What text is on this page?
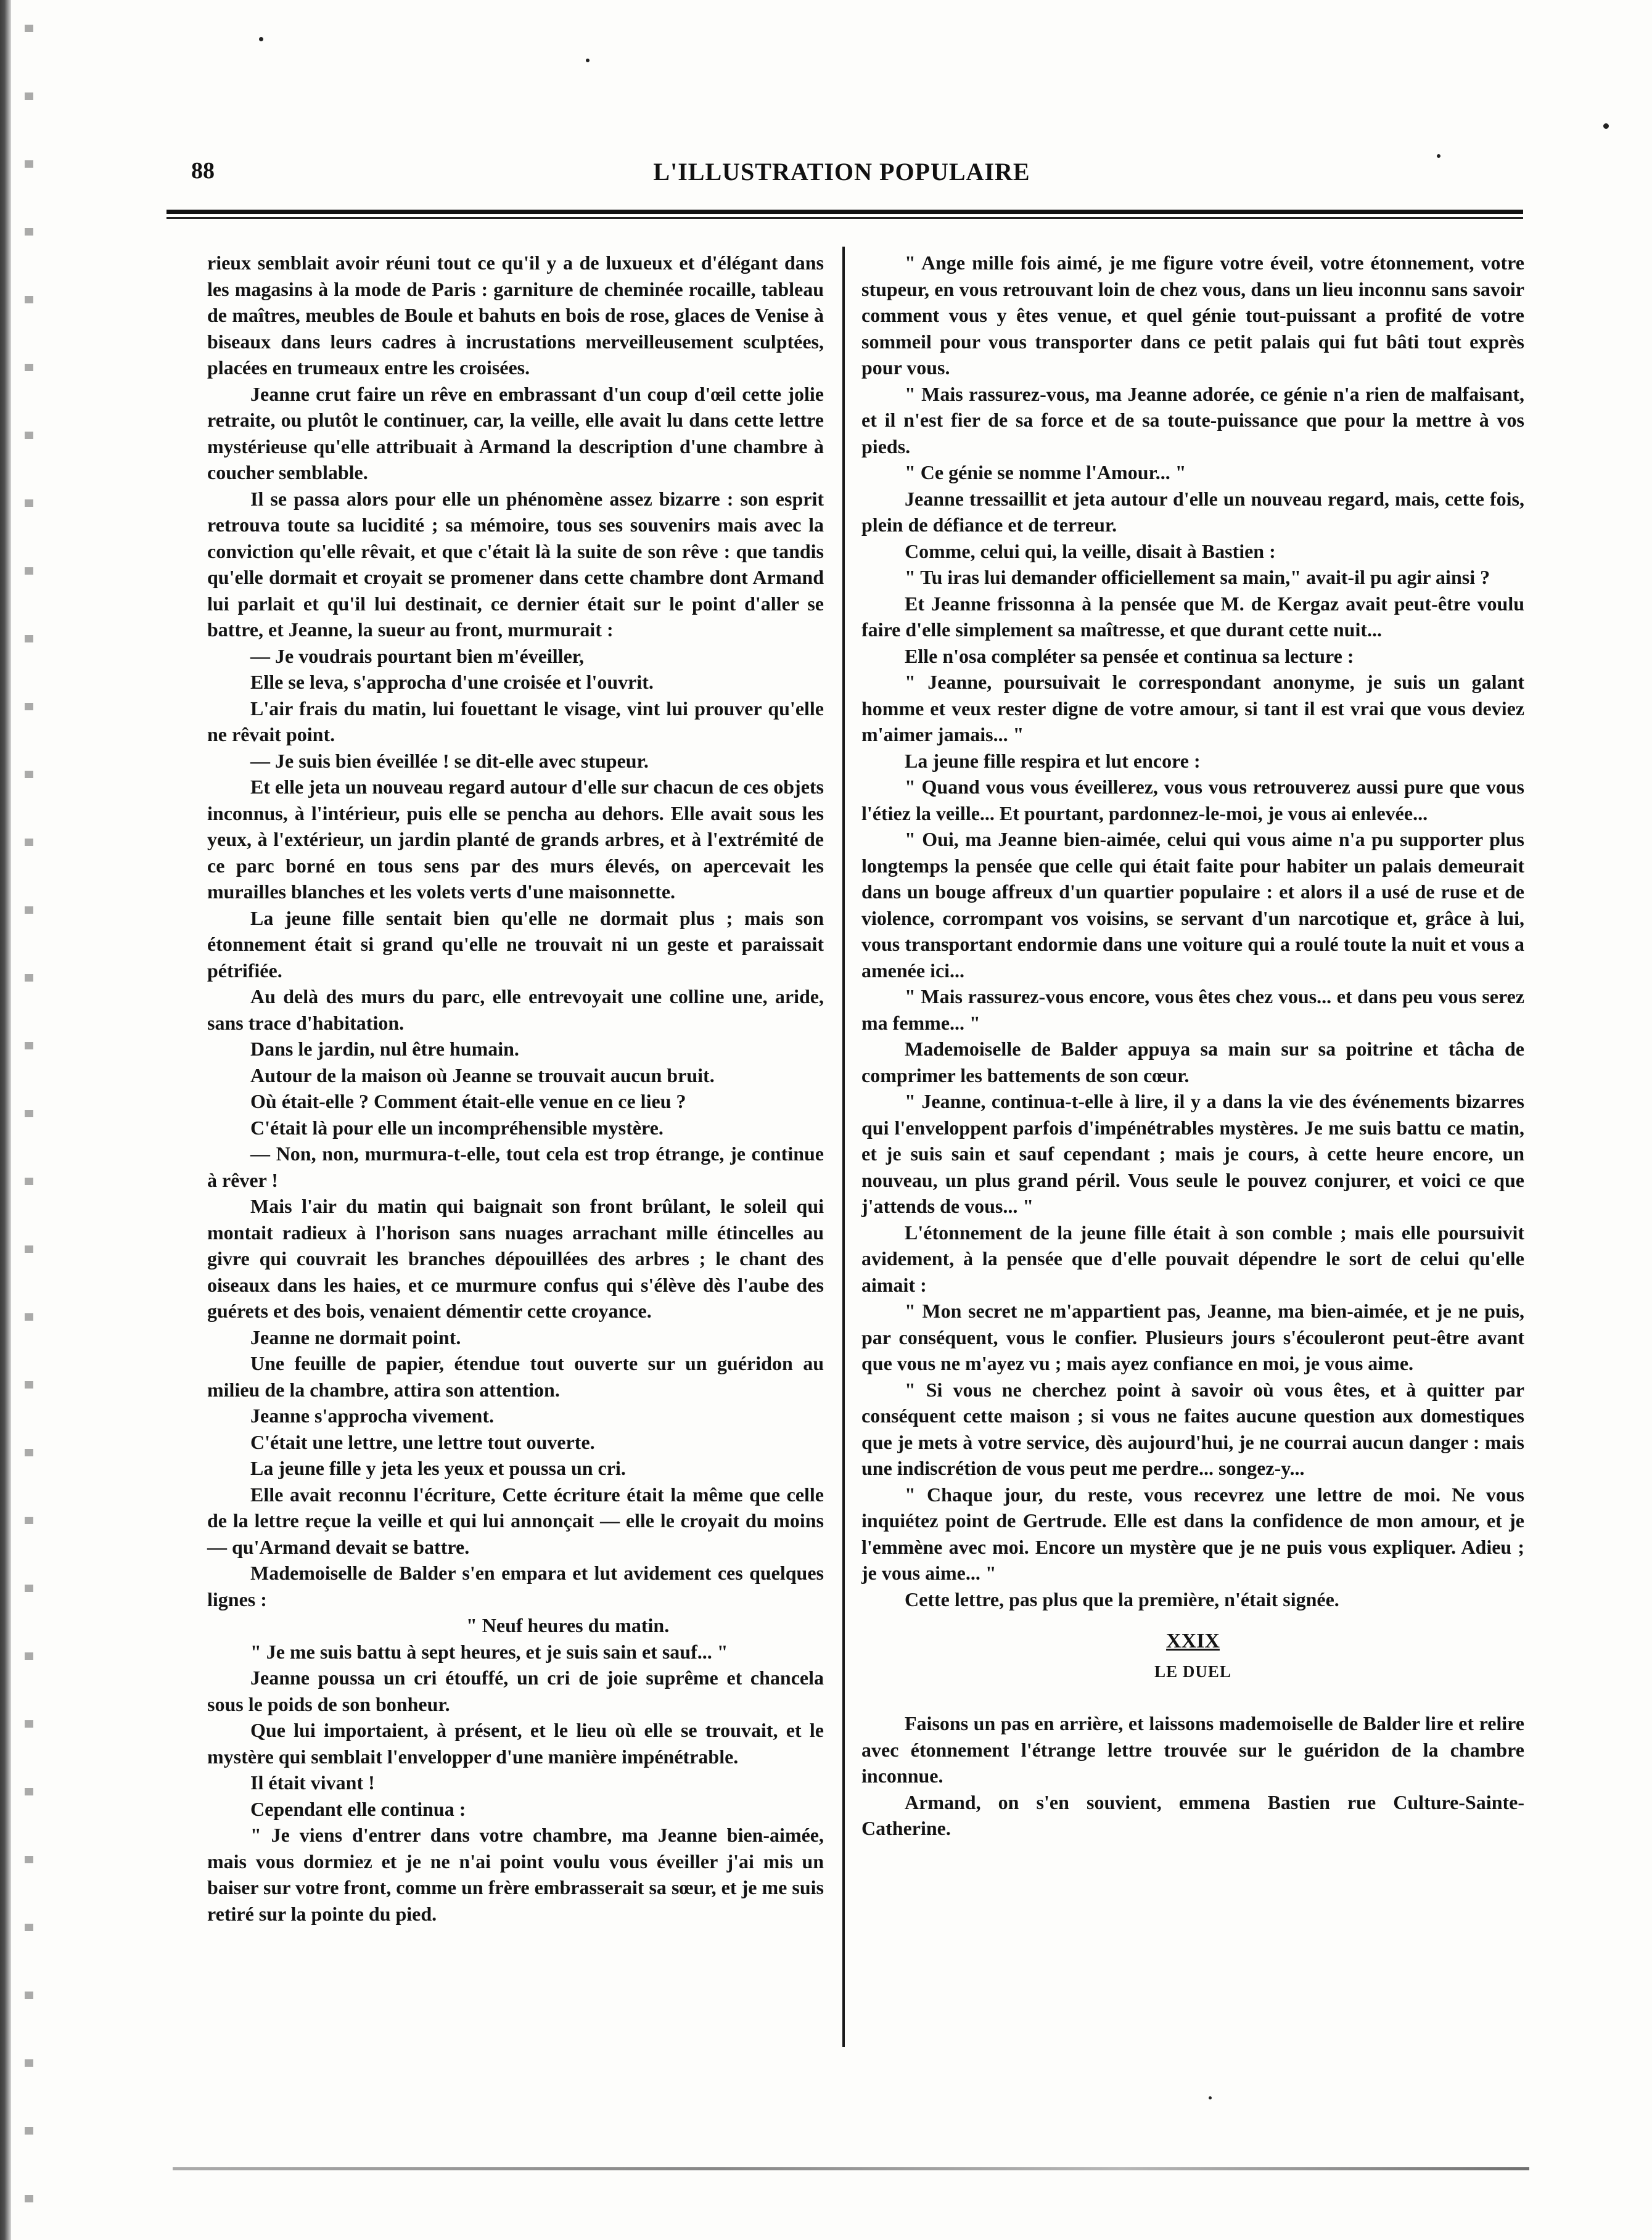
88	L'ILLUSTRATION POPULAIRE

rieux semblait avoir réuni tout ce qu'il y a de luxueux et d'élégant dans les magasins à la mode de Paris : garniture de cheminée rocaille, tableau de maîtres, meubles de Boule et bahuts en bois de rose, glaces de Venise à biseaux dans leurs cadres à incrustations merveilleusement sculptées, placées en trumeaux entre les croisées.

Jeanne crut faire un rêve en embrassant d'un coup d'œil cette jolie retraite, ou plutôt le continuer, car, la veille, elle avait lu dans cette lettre mystérieuse qu'elle attribuait à Armand la description d'une chambre à coucher semblable.

Il se passa alors pour elle un phénomène assez bizarre : son esprit retrouva toute sa lucidité ; sa mémoire, tous ses souvenirs mais avec la conviction qu'elle rêvait, et que c'était là la suite de son rêve : que tandis qu'elle dormait et croyait se promener dans cette chambre dont Armand lui parlait et qu'il lui destinait, ce dernier était sur le point d'aller se battre, et Jeanne, la sueur au front, murmurait :

— Je voudrais pourtant bien m'éveiller,

Elle se leva, s'approcha d'une croisée et l'ouvrit.

L'air frais du matin, lui fouettant le visage, vint lui prouver qu'elle ne rêvait point.

— Je suis bien éveillée ! se dit-elle avec stupeur.

Et elle jeta un nouveau regard autour d'elle sur chacun de ces objets inconnus, à l'intérieur, puis elle se pencha au dehors. Elle avait sous les yeux, à l'extérieur, un jardin planté de grands arbres, et à l'extrémité de ce parc borné en tous sens par des murs élevés, on apercevait les murailles blanches et les volets verts d'une maisonnette.

La jeune fille sentait bien qu'elle ne dormait plus ; mais son étonnement était si grand qu'elle ne trouvait ni un geste et paraissait pétrifiée.

Au delà des murs du parc, elle entrevoyait une colline une, aride, sans trace d'habitation.

Dans le jardin, nul être humain.

Autour de la maison où Jeanne se trouvait aucun bruit.

Où était-elle ? Comment était-elle venue en ce lieu ?

C'était là pour elle un incompréhensible mystère.

— Non, non, murmura-t-elle, tout cela est trop étrange, je continue à rêver !

Mais l'air du matin qui baignait son front brûlant, le soleil qui montait radieux à l'horison sans nuages arrachant mille étincelles au givre qui couvrait les branches dépouillées des arbres ; le chant des oiseaux dans les haies, et ce murmure confus qui s'élève dès l'aube des guérets et des bois, venaient démentir cette croyance.

Jeanne ne dormait point.

Une feuille de papier, étendue tout ouverte sur un guéridon au milieu de la chambre, attira son attention.

Jeanne s'approcha vivement.

C'était une lettre, une lettre tout ouverte.

La jeune fille y jeta les yeux et poussa un cri.

Elle avait reconnu l'écriture, Cette écriture était la même que celle de la lettre reçue la veille et qui lui annonçait — elle le croyait du moins — qu'Armand devait se battre.

Mademoiselle de Balder s'en empara et lut avidement ces quelques lignes :

" Neuf heures du matin.

" Je me suis battu à sept heures, et je suis sain et sauf... "

Jeanne poussa un cri étouffé, un cri de joie suprême et chancela sous le poids de son bonheur.

Que lui importaient, à présent, et le lieu où elle se trouvait, et le mystère qui semblait l'envelopper d'une manière impénétrable.

Il était vivant !

Cependant elle continua :

" Je viens d'entrer dans votre chambre, ma Jeanne bien-aimée, mais vous dormiez et je ne n'ai point voulu vous éveiller j'ai mis un baiser sur votre front, comme un frère embrasserait sa sœur, et je me suis retiré sur la pointe du pied.

" Ange mille fois aimé, je me figure votre éveil, votre étonnement, votre stupeur, en vous retrouvant loin de chez vous, dans un lieu inconnu sans savoir comment vous y êtes venue, et quel génie tout-puissant a profité de votre sommeil pour vous transporter dans ce petit palais qui fut bâti tout exprès pour vous.

" Mais rassurez-vous, ma Jeanne adorée, ce génie n'a rien de malfaisant, et il n'est fier de sa force et de sa toute-puissance que pour la mettre à vos pieds.

" Ce génie se nomme l'Amour... "

Jeanne tressaillit et jeta autour d'elle un nouveau regard, mais, cette fois, plein de défiance et de terreur.

Comme, celui qui, la veille, disait à Bastien :

" Tu iras lui demander officiellement sa main," avait-il pu agir ainsi ?

Et Jeanne frissonna à la pensée que M. de Kergaz avait peut-être voulu faire d'elle simplement sa maîtresse, et que durant cette nuit...

Elle n'osa compléter sa pensée et continua sa lecture :

" Jeanne, poursuivait le correspondant anonyme, je suis un galant homme et veux rester digne de votre amour, si tant il est vrai que vous deviez m'aimer jamais... "

La jeune fille respira et lut encore :

" Quand vous vous éveillerez, vous vous retrouverez aussi pure que vous l'étiez la veille... Et pourtant, pardonnez-le-moi, je vous ai enlevée...

" Oui, ma Jeanne bien-aimée, celui qui vous aime n'a pu supporter plus longtemps la pensée que celle qui était faite pour habiter un palais demeurait dans un bouge affreux d'un quartier populaire : et alors il a usé de ruse et de violence, corrompant vos voisins, se servant d'un narcotique et, grâce à lui, vous transportant endormie dans une voiture qui a roulé toute la nuit et vous a amenée ici...

" Mais rassurez-vous encore, vous êtes chez vous... et dans peu vous serez ma femme... "

Mademoiselle de Balder appuya sa main sur sa poitrine et tâcha de comprimer les battements de son cœur.

" Jeanne, continua-t-elle à lire, il y a dans la vie des événements bizarres qui l'enveloppent parfois d'impénétrables mystères. Je me suis battu ce matin, et je suis sain et sauf cependant ; mais je cours, à cette heure encore, un nouveau, un plus grand péril. Vous seule le pouvez conjurer, et voici ce que j'attends de vous... "

L'étonnement de la jeune fille était à son comble ; mais elle poursuivit avidement, à la pensée que d'elle pouvait dépendre le sort de celui qu'elle aimait :

" Mon secret ne m'appartient pas, Jeanne, ma bien-aimée, et je ne puis, par conséquent, vous le confier. Plusieurs jours s'écouleront peut-être avant que vous ne m'ayez vu ; mais ayez confiance en moi, je vous aime.

" Si vous ne cherchez point à savoir où vous êtes, et à quitter par conséquent cette maison ; si vous ne faites aucune question aux domestiques que je mets à votre service, dès aujourd'hui, je ne courrai aucun danger : mais une indiscrétion de vous peut me perdre... songez-y...

" Chaque jour, du reste, vous recevrez une lettre de moi. Ne vous inquiétez point de Gertrude. Elle est dans la confidence de mon amour, et je l'emmène avec moi. Encore un mystère que je ne puis vous expliquer. Adieu ; je vous aime... "

Cette lettre, pas plus que la première, n'était signée.

XXIX
LE DUEL

Faisons un pas en arrière, et laissons mademoiselle de Balder lire et relire avec étonnement l'étrange lettre trouvée sur le guéridon de la chambre inconnue.

Armand, on s'en souvient, emmena Bastien rue Culture-Sainte-Catherine.
